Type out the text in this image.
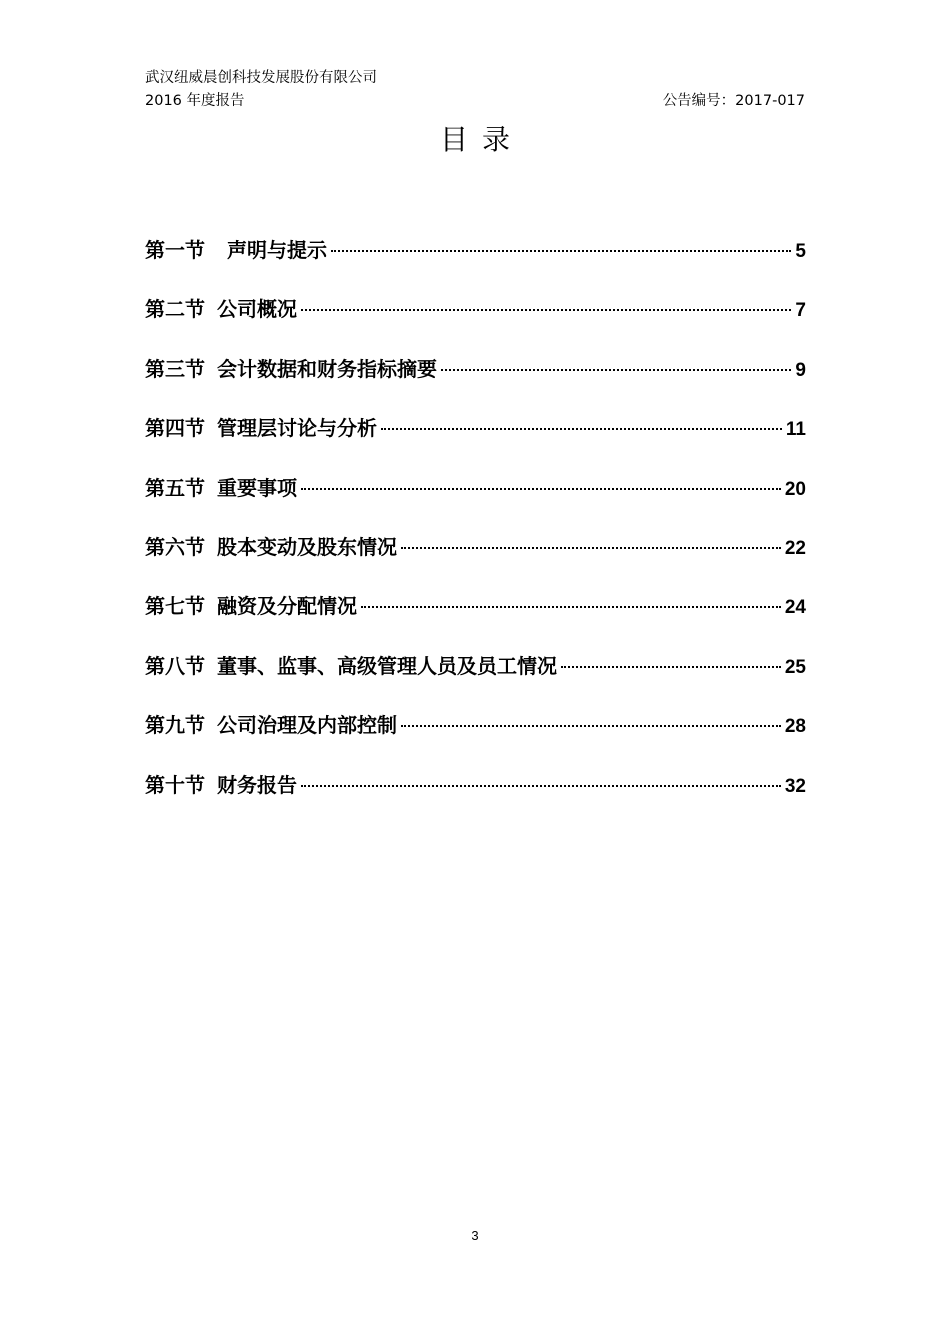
武汉纽威晨创科技发展股份有限公司
2016 年度报告	公告编号：2017-017
目录
第一节 声明与提示	5
第二节 公司概况	7
第三节 会计数据和财务指标摘要	9
第四节 管理层讨论与分析	11
第五节 重要事项	20
第六节 股本变动及股东情况	22
第七节 融资及分配情况	24
第八节 董事、监事、高级管理人员及员工情况	25
第九节 公司治理及内部控制	28
第十节 财务报告	32
3
